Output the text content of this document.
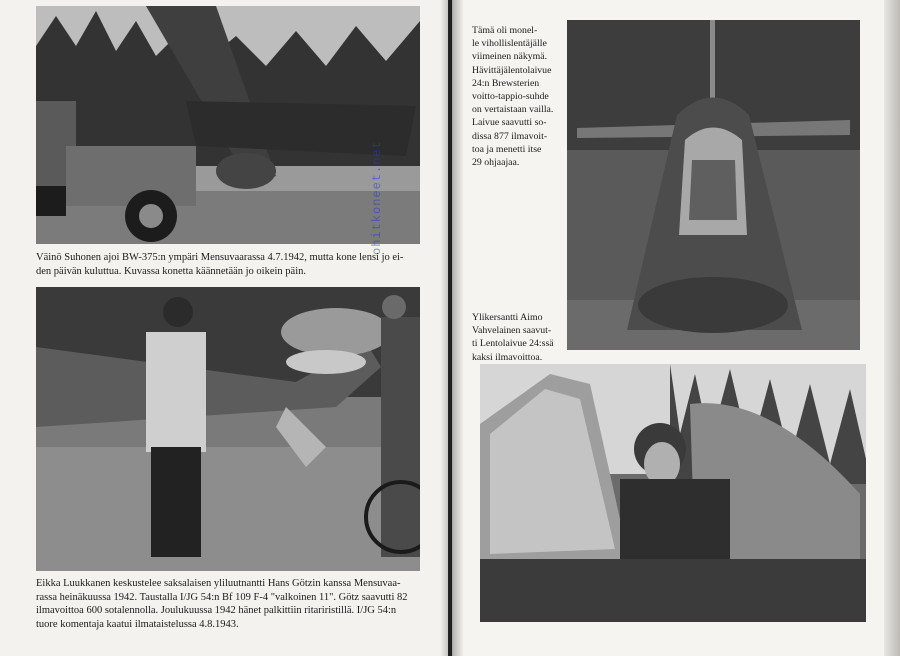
Väinö Suhonen ajoi BW-375:n ympäri Mensuvaarassa 4.7.1942, mutta kone lensi jo ei-
den päivän kuluttua. Kuvassa konetta käännetään jo oikein päin.
Eikka Luukkanen keskustelee saksalaisen yliluutnantti Hans Götzin kanssa Mensuvaa-
rassa heinäkuussa 1942. Taustalla I/JG 54:n Bf 109 F-4 "valkoinen 11". Götz saavutti 82
ilmavoittoa 600 sotalennolla. Joulukuussa 1942 hänet palkittiin ritariristillä. I/JG 54:n
tuore komentaja kaatui ilmataistelussa 4.8.1943.
ohitkoneet.net
Tämä oli monel-
le vihollislentäjälle
viimeinen näkymä.
Hävittäjälentolaivue
24:n Brewsterien
voitto-tappio-suhde
on vertaistaan vailla.
Laivue saavutti so-
dissa 877 ilmavoit-
toa ja menetti itse
29 ohjaajaa.
Ylikersantti Aimo
Vahvelainen saavut-
ti Lentolaivue 24:ssä
kaksi ilmavoittoa.
